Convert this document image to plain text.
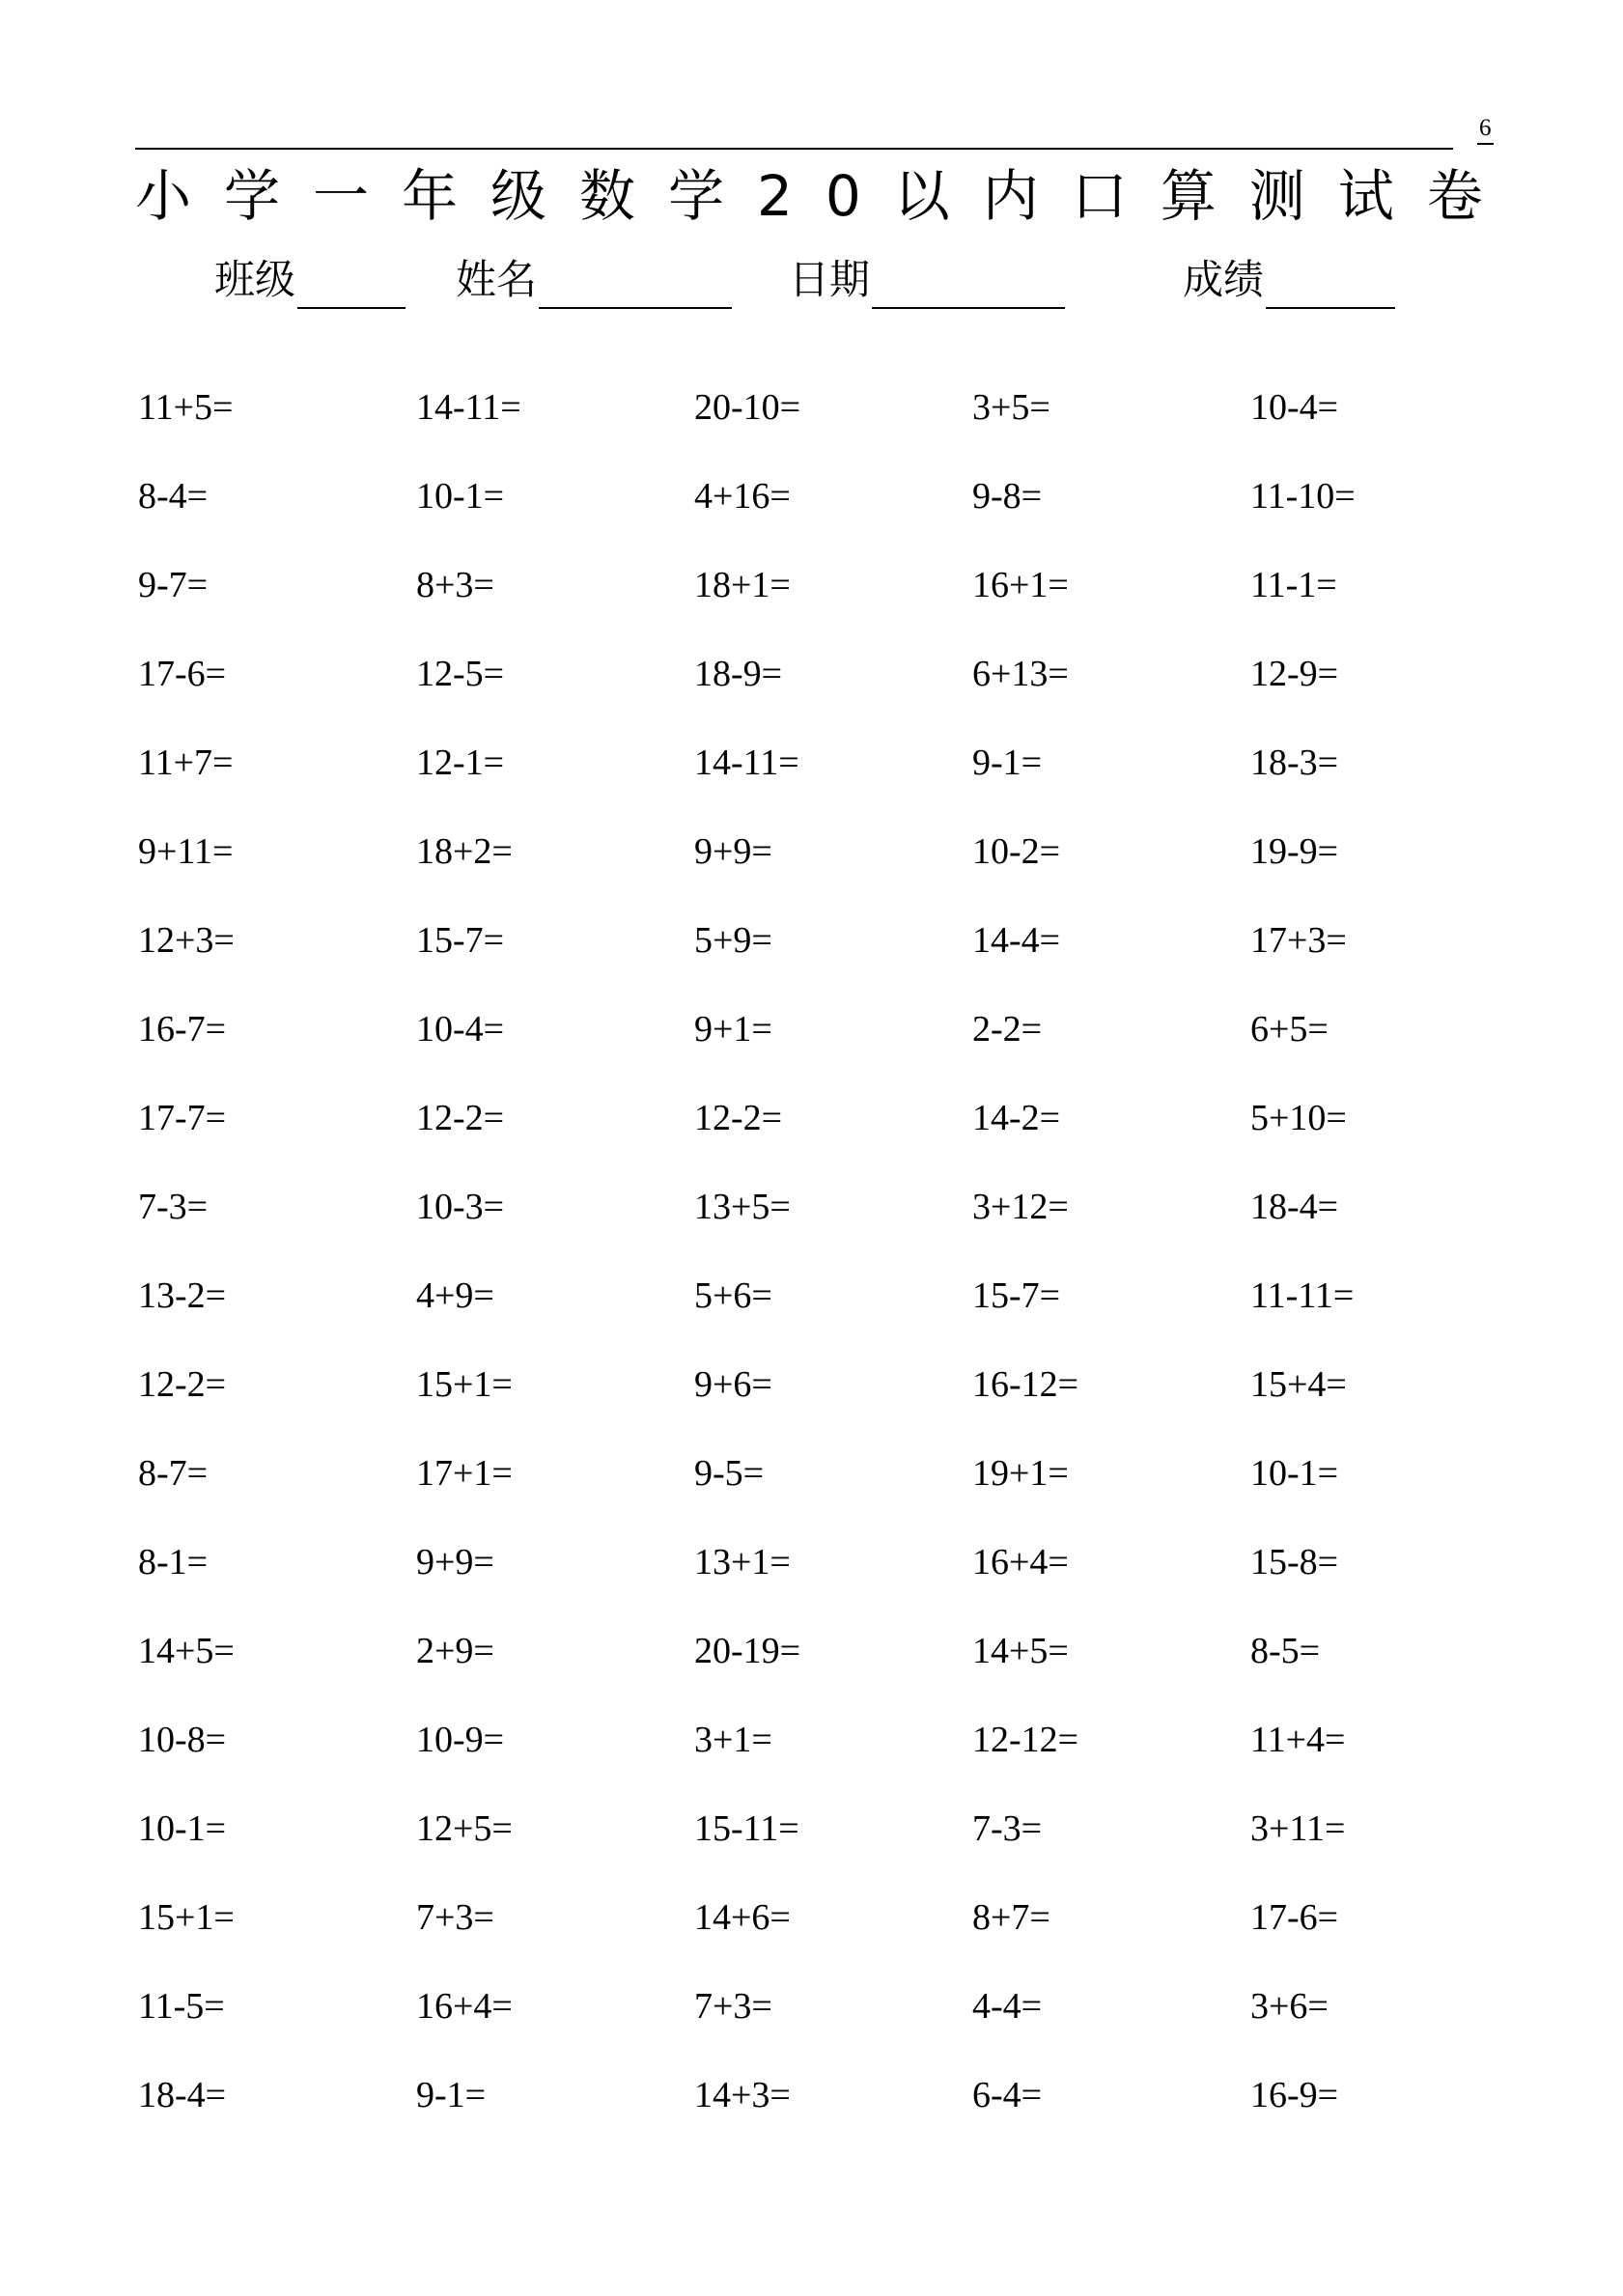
6
小学一年级数学20以内口算测试卷
班级	姓名	日期	成绩
11+5=	14-11=	20-10=	3+5=	10-4=
8-4=	10-1=	4+16=	9-8=	11-10=
9-7=	8+3=	18+1=	16+1=	11-1=
17-6=	12-5=	18-9=	6+13=	12-9=
11+7=	12-1=	14-11=	9-1=	18-3=
9+11=	18+2=	9+9=	10-2=	19-9=
12+3=	15-7=	5+9=	14-4=	17+3=
16-7=	10-4=	9+1=	2-2=	6+5=
17-7=	12-2=	12-2=	14-2=	5+10=
7-3=	10-3=	13+5=	3+12=	18-4=
13-2=	4+9=	5+6=	15-7=	11-11=
12-2=	15+1=	9+6=	16-12=	15+4=
8-7=	17+1=	9-5=	19+1=	10-1=
8-1=	9+9=	13+1=	16+4=	15-8=
14+5=	2+9=	20-19=	14+5=	8-5=
10-8=	10-9=	3+1=	12-12=	11+4=
10-1=	12+5=	15-11=	7-3=	3+11=
15+1=	7+3=	14+6=	8+7=	17-6=
11-5=	16+4=	7+3=	4-4=	3+6=
18-4=	9-1=	14+3=	6-4=	16-9=
